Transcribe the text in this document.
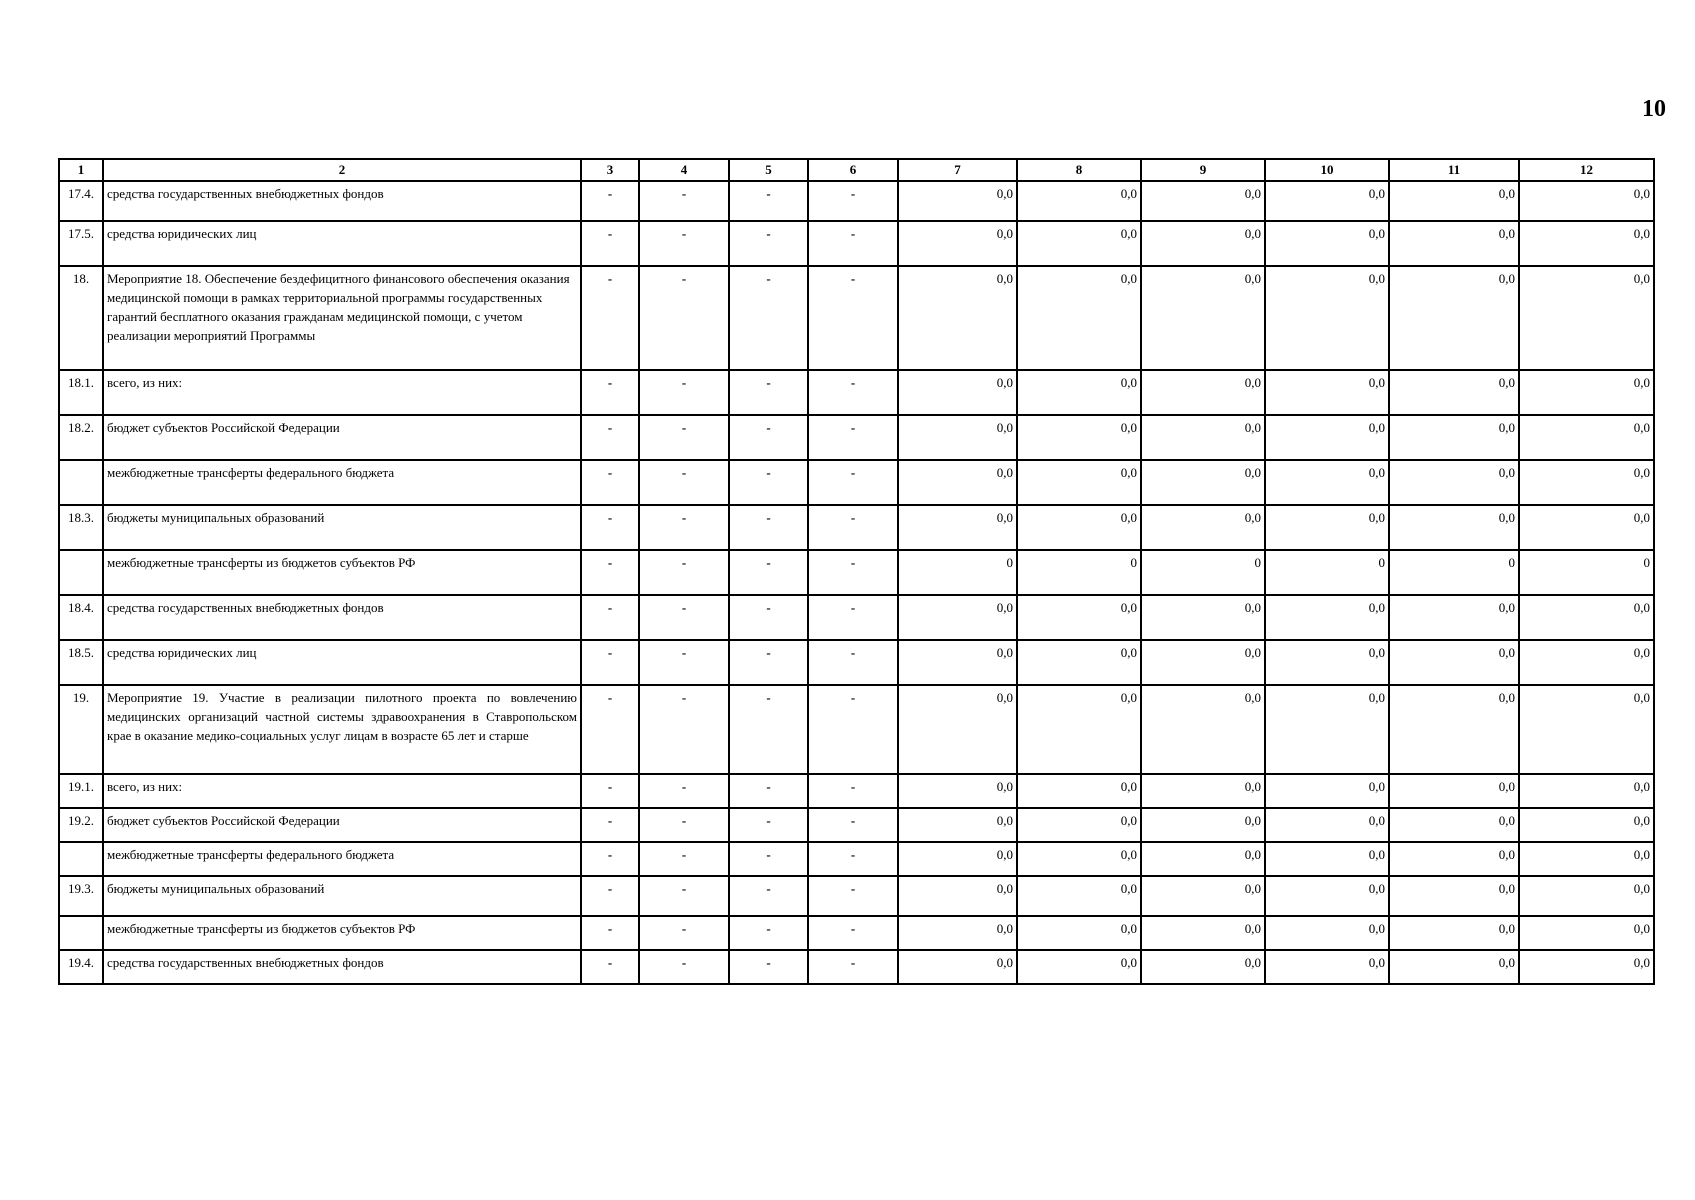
10
1	2	3	4	5	6	7	8	9	10	11	12
17.4.	средства государственных внебюджетных фондов	-	-	-	-	0,0	0,0	0,0	0,0	0,0	0,0
17.5.	средства юридических лиц	-	-	-	-	0,0	0,0	0,0	0,0	0,0	0,0
18.	Мероприятие 18. Обеспечение бездефицитного финансового обеспечения оказания медицинской помощи в рамках территориальной программы государственных гарантий бесплатного оказания гражданам медицинской помощи, с учетом реализации мероприятий Программы	-	-	-	-	0,0	0,0	0,0	0,0	0,0	0,0
18.1.	всего, из них:	-	-	-	-	0,0	0,0	0,0	0,0	0,0	0,0
18.2.	бюджет субъектов Российской Федерации	-	-	-	-	0,0	0,0	0,0	0,0	0,0	0,0
	межбюджетные трансферты федерального бюджета	-	-	-	-	0,0	0,0	0,0	0,0	0,0	0,0
18.3.	бюджеты муниципальных образований	-	-	-	-	0,0	0,0	0,0	0,0	0,0	0,0
	межбюджетные трансферты из бюджетов субъектов РФ	-	-	-	-	0	0	0	0	0	0
18.4.	средства государственных внебюджетных фондов	-	-	-	-	0,0	0,0	0,0	0,0	0,0	0,0
18.5.	средства юридических лиц	-	-	-	-	0,0	0,0	0,0	0,0	0,0	0,0
19.	Мероприятие 19. Участие в реализации пилотного проекта по вовлечению медицинских организаций частной системы здравоохранения в Ставропольском крае в оказание медико-социальных услуг лицам в возрасте 65 лет и старше	-	-	-	-	0,0	0,0	0,0	0,0	0,0	0,0
19.1.	всего, из них:	-	-	-	-	0,0	0,0	0,0	0,0	0,0	0,0
19.2.	бюджет субъектов Российской Федерации	-	-	-	-	0,0	0,0	0,0	0,0	0,0	0,0
	межбюджетные трансферты федерального бюджета	-	-	-	-	0,0	0,0	0,0	0,0	0,0	0,0
19.3.	бюджеты муниципальных образований	-	-	-	-	0,0	0,0	0,0	0,0	0,0	0,0
	межбюджетные трансферты из бюджетов субъектов РФ	-	-	-	-	0,0	0,0	0,0	0,0	0,0	0,0
19.4.	средства государственных внебюджетных фондов	-	-	-	-	0,0	0,0	0,0	0,0	0,0	0,0
